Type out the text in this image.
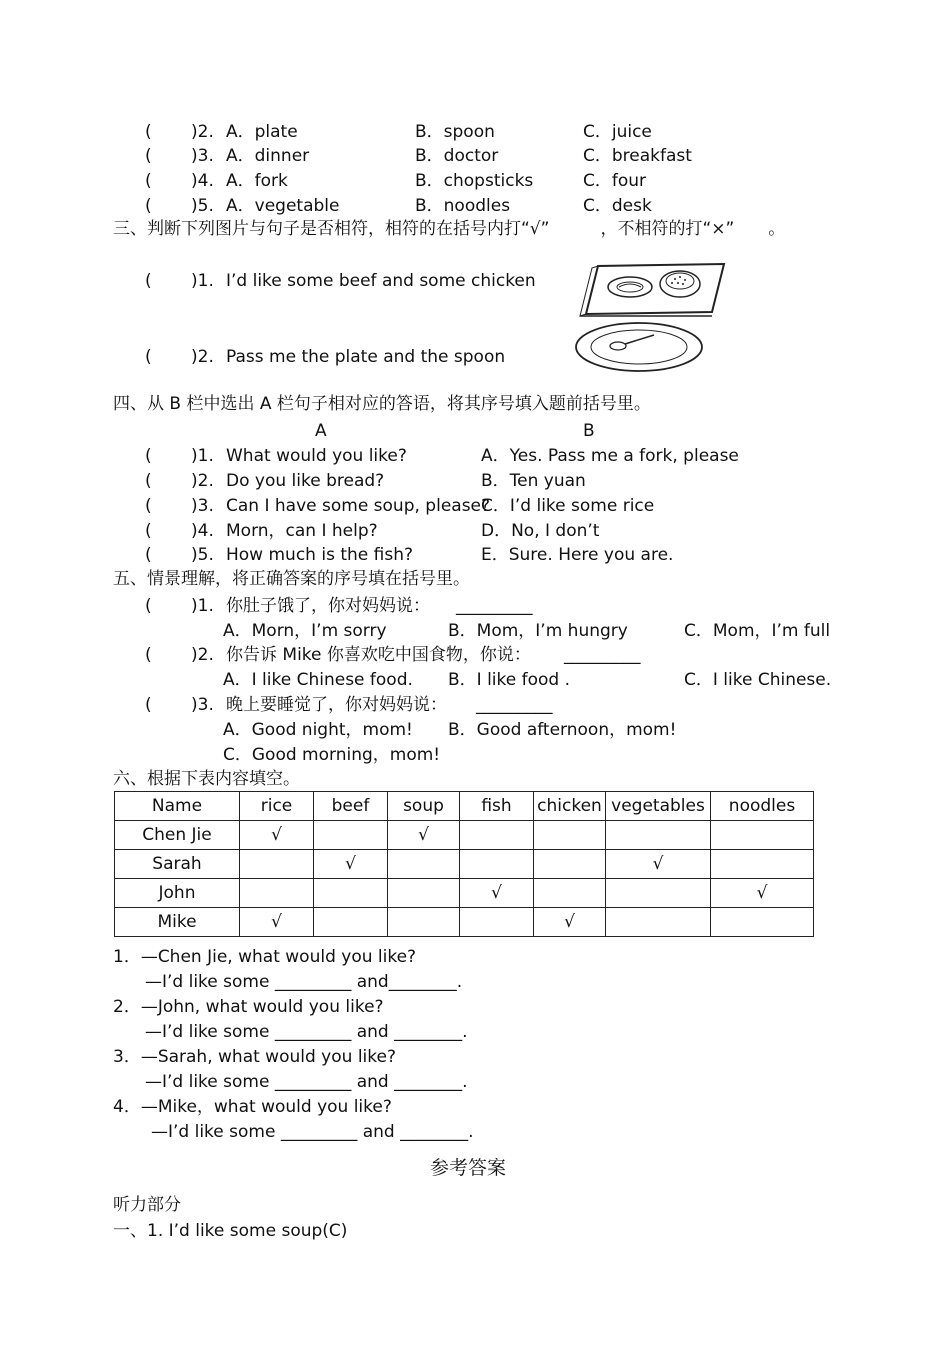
( )2. A．plate	B．spoon	C．juice
( )3. A．dinner	B．doctor	C．breakfast
( )4. A．fork	B．chopsticks	C．four
( )5. A．vegetable	B．noodles	C．desk
三、判断下列图片与句子是否相符，相符的在括号内打“√”　　　，不相符的打“×”　　。
( )1. I’d like some beef and some chicken
( )2. Pass me the plate and the spoon
四、从 B 栏中选出 A 栏句子相对应的答语，将其序号填入题前括号里。
A	B
( )1. What would you like?	A．Yes. Pass me a fork, please
( )2. Do you like bread?	B．Ten yuan
( )3. Can I have some soup, please?
C．I’d like some rice
( )4. Morn，can I help?	D．No, I don’t
( )5. How much is the fish?	E．Sure. Here you are.
五、情景理解，将正确答案的序号填在括号里。
( )1. 你肚子饿了，你对妈妈说： _________
A．Morn，I’m sorry	B．Mom，I’m hungry	C．Mom，I’m full
( )2. 你告诉 Mike 你喜欢吃中国食物，你说： _________
A．I like Chinese food. B．I like food .	C．I like Chinese.
( )3. 晚上要睡觉了，你对妈妈说： _________
A．Good night，mom! B．Good afternoon，mom!
C．Good morning，mom!
六、根据下表内容填空。
Name	rice	beef	soup	fish	chicken	vegetables	noodles
Chen Jie	√		√				
Sarah		√				√	
John				√			√
Mike	√				√		
1．—Chen Jie, what would you like?
—I’d like some _________ and________.
2．—John, what would you like?
—I’d like some _________ and ________.
3．—Sarah, what would you like?
—I’d like some _________ and ________.
4．—Mike，what would you like?
—I’d like some _________ and ________.
参考答案
听力部分
一、1. I’d like some soup(C)
